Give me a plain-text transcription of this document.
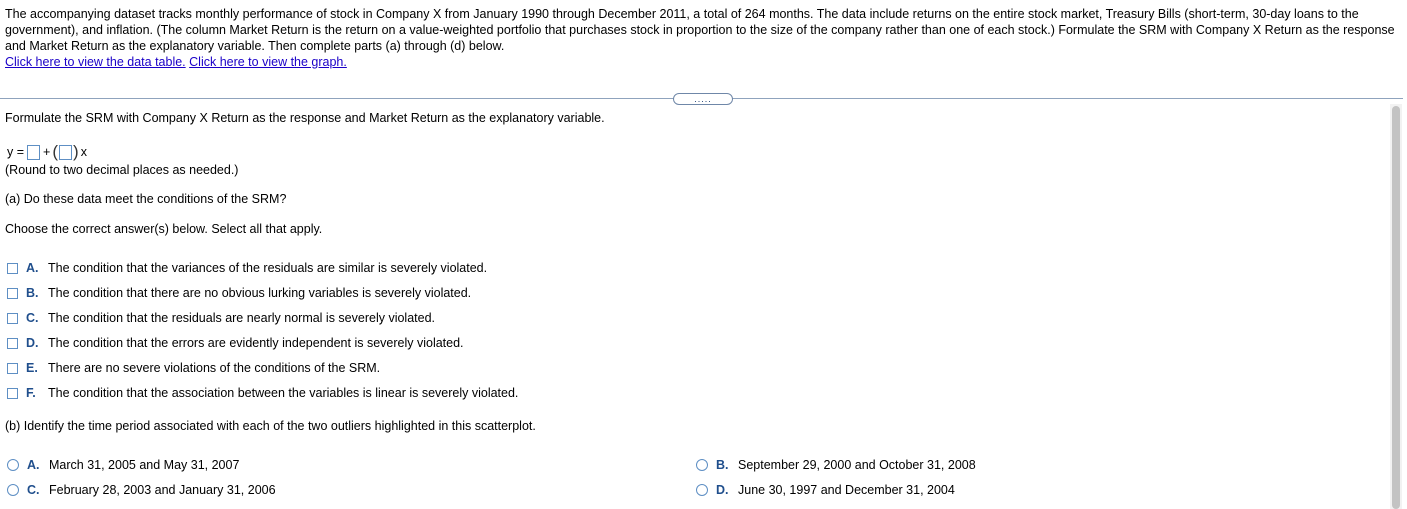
The accompanying dataset tracks monthly performance of stock in Company X from January 1990 through December 2011, a total of 264 months. The data include returns on the entire stock market, Treasury Bills (short-term, 30-day loans to the government), and inflation. (The column Market Return is the return on a value-weighted portfolio that purchases stock in proportion to the size of the company rather than one of each stock.) Formulate the SRM with Company X Return as the response and Market Return as the explanatory variable. Then complete parts (a) through (d) below.

Click here to view the data table. Click here to view the graph.

.....
Formulate the SRM with Company X Return as the response and Market Return as the explanatory variable.
y = + ( ) x
(Round to two decimal places as needed.)
(a) Do these data meet the conditions of the SRM?
Choose the correct answer(s) below. Select all that apply.
A. The condition that the variances of the residuals are similar is severely violated.
B. The condition that there are no obvious lurking variables is severely violated.
C. The condition that the residuals are nearly normal is severely violated.
D. The condition that the errors are evidently independent is severely violated.
E. There are no severe violations of the conditions of the SRM.
F. The condition that the association between the variables is linear is severely violated.
(b) Identify the time period associated with each of the two outliers highlighted in this scatterplot.
A. March 31, 2005 and May 31, 2007	B. September 29, 2000 and October 31, 2008
C. February 28, 2003 and January 31, 2006	D. June 30, 1997 and December 31, 2004
